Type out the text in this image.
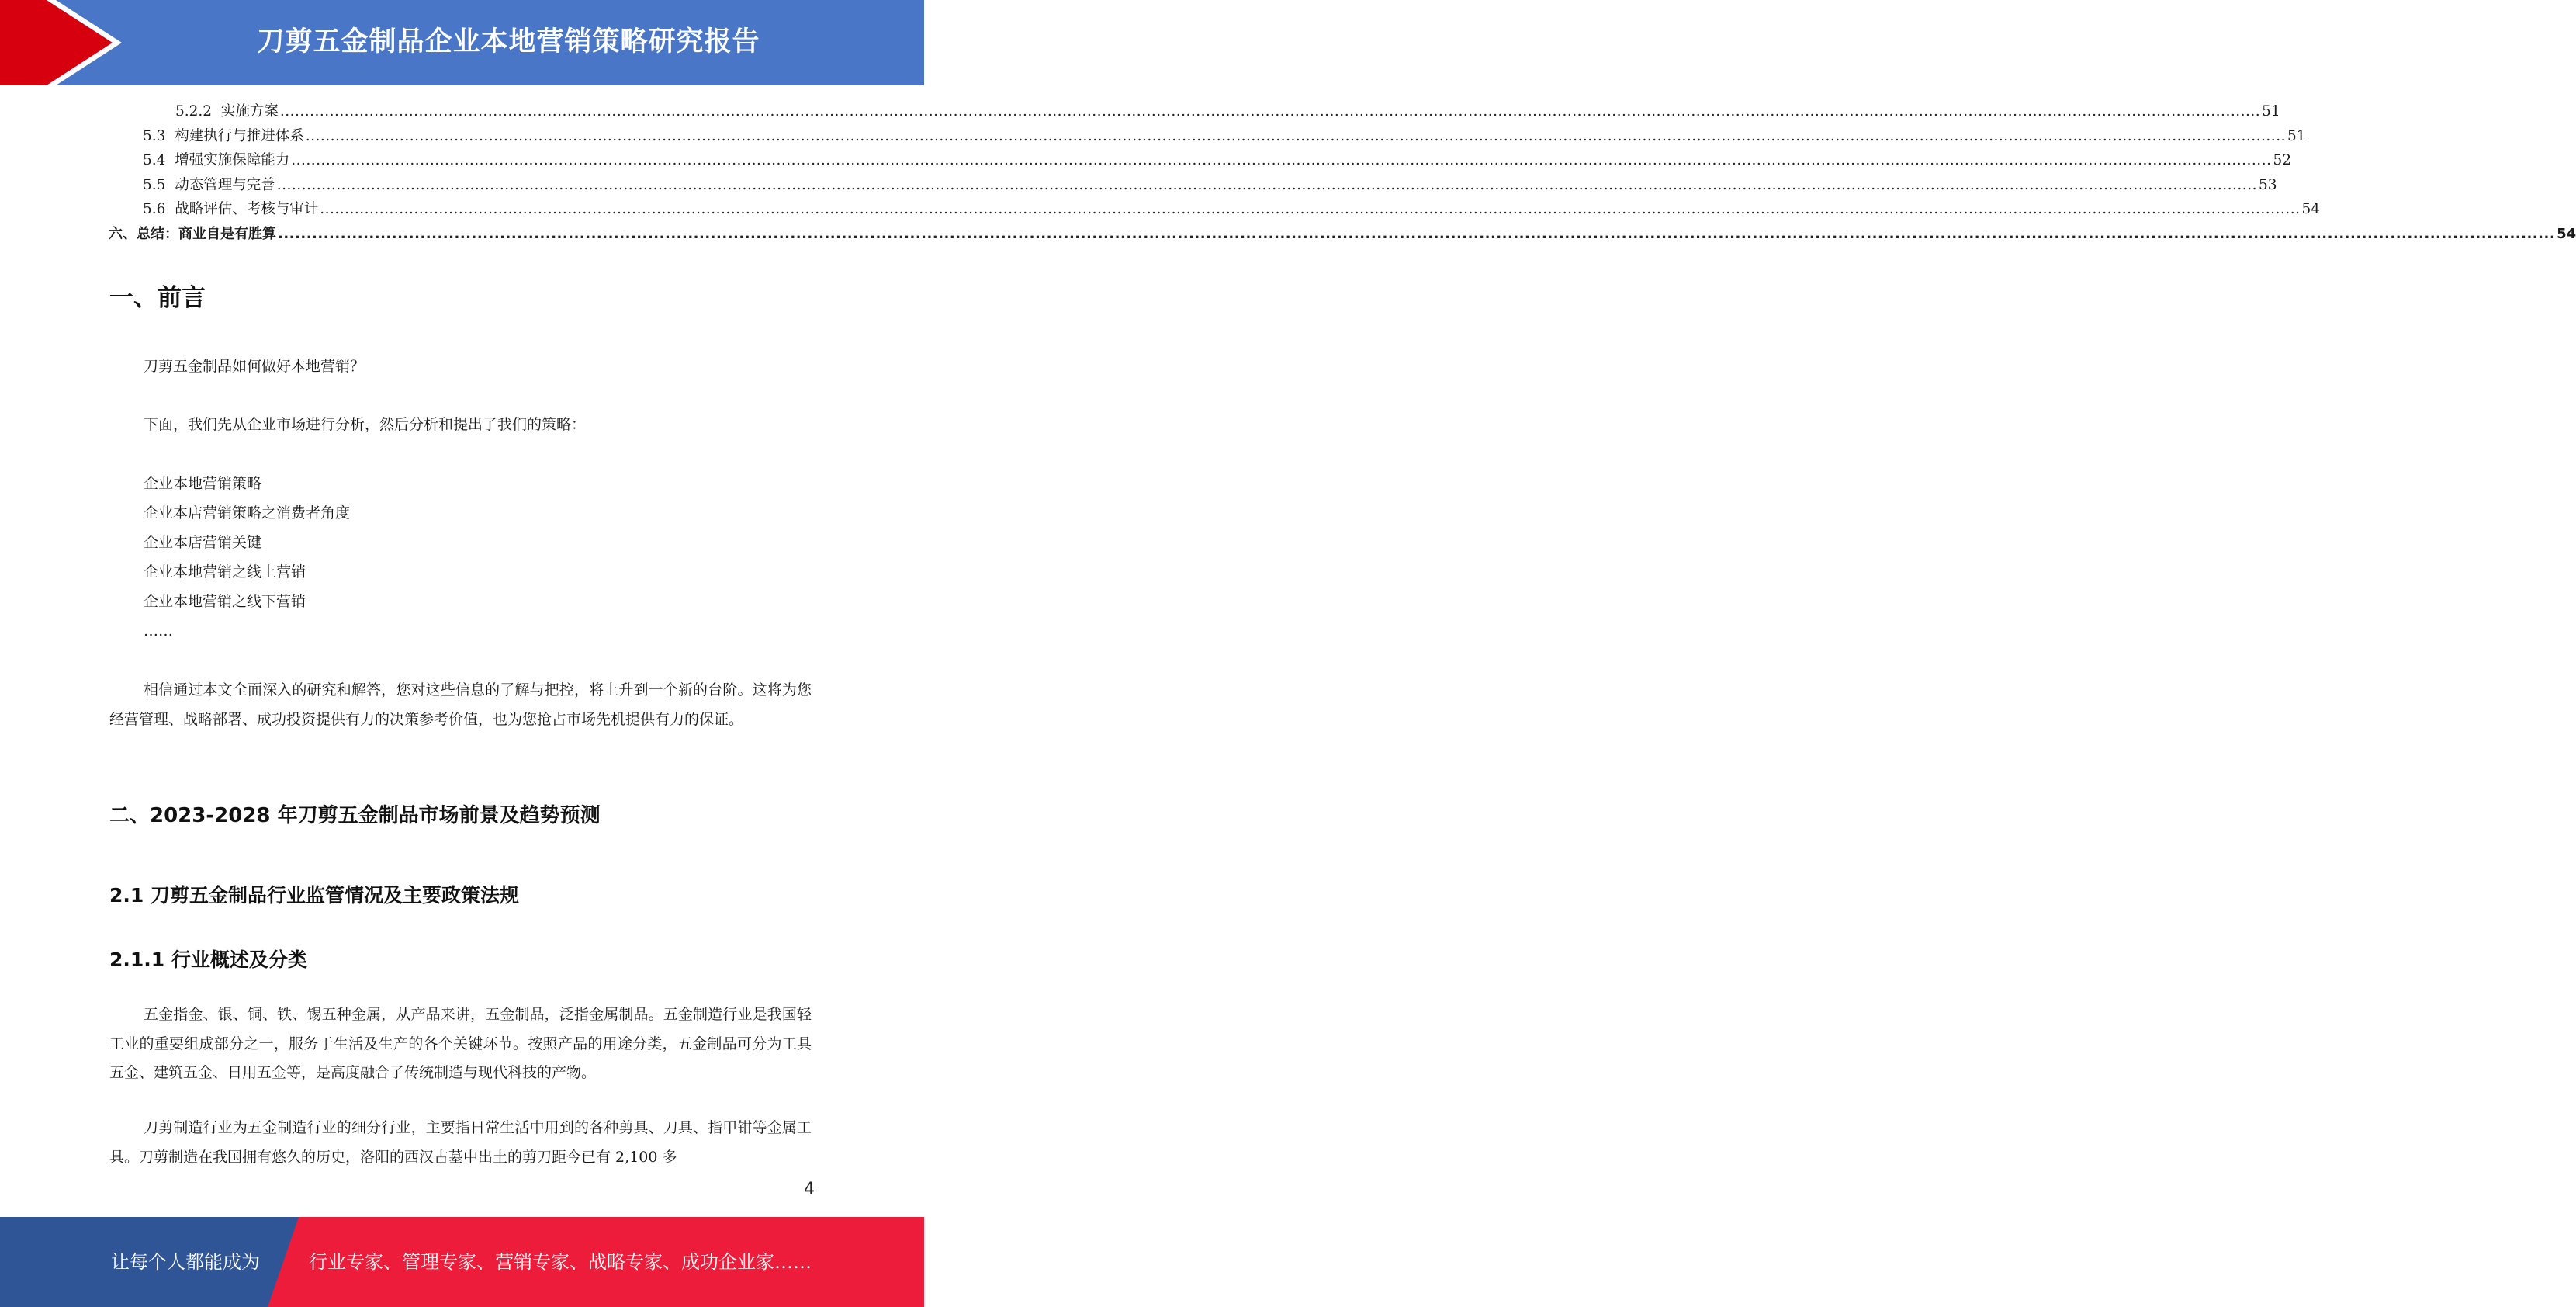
刀剪五金制品企业本地营销策略研究报告
5.2.2 实施方案 ................................................................................................................................................................................................................................................................................................................................................................................................................ 51
5.3 构建执行与推进体系 ................................................................................................................................................................................................................................................................................................................................................................................................................ 51
5.4 增强实施保障能力 ................................................................................................................................................................................................................................................................................................................................................................................................................ 52
5.5 动态管理与完善 ................................................................................................................................................................................................................................................................................................................................................................................................................ 53
5.6 战略评估、考核与审计 ................................................................................................................................................................................................................................................................................................................................................................................................................ 54
六、总结：商业自是有胜算 ................................................................................................................................................................................................................................................................................................................................................................................................................ 54
一、前言
刀剪五金制品如何做好本地营销？
下面，我们先从企业市场进行分析，然后分析和提出了我们的策略：
企业本地营销策略
企业本店营销策略之消费者角度
企业本店营销关键
企业本地营销之线上营销
企业本地营销之线下营销
……
相信通过本文全面深入的研究和解答，您对这些信息的了解与把控，将上升到一个新的台阶。这将为您经营管理、战略部署、成功投资提供有力的决策参考价值，也为您抢占市场先机提供有力的保证。
二、2023-2028 年刀剪五金制品市场前景及趋势预测
2.1 刀剪五金制品行业监管情况及主要政策法规
2.1.1 行业概述及分类
五金指金、银、铜、铁、锡五种金属，从产品来讲，五金制品，泛指金属制品。五金制造行业是我国轻工业的重要组成部分之一，服务于生活及生产的各个关键环节。按照产品的用途分类，五金制品可分为工具五金、建筑五金、日用五金等，是高度融合了传统制造与现代科技的产物。
刀剪制造行业为五金制造行业的细分行业，主要指日常生活中用到的各种剪具、刀具、指甲钳等金属工具。刀剪制造在我国拥有悠久的历史，洛阳的西汉古墓中出土的剪刀距今已有 2,100 多
4
让每个人都能成为	行业专家、管理专家、营销专家、战略专家、成功企业家……
